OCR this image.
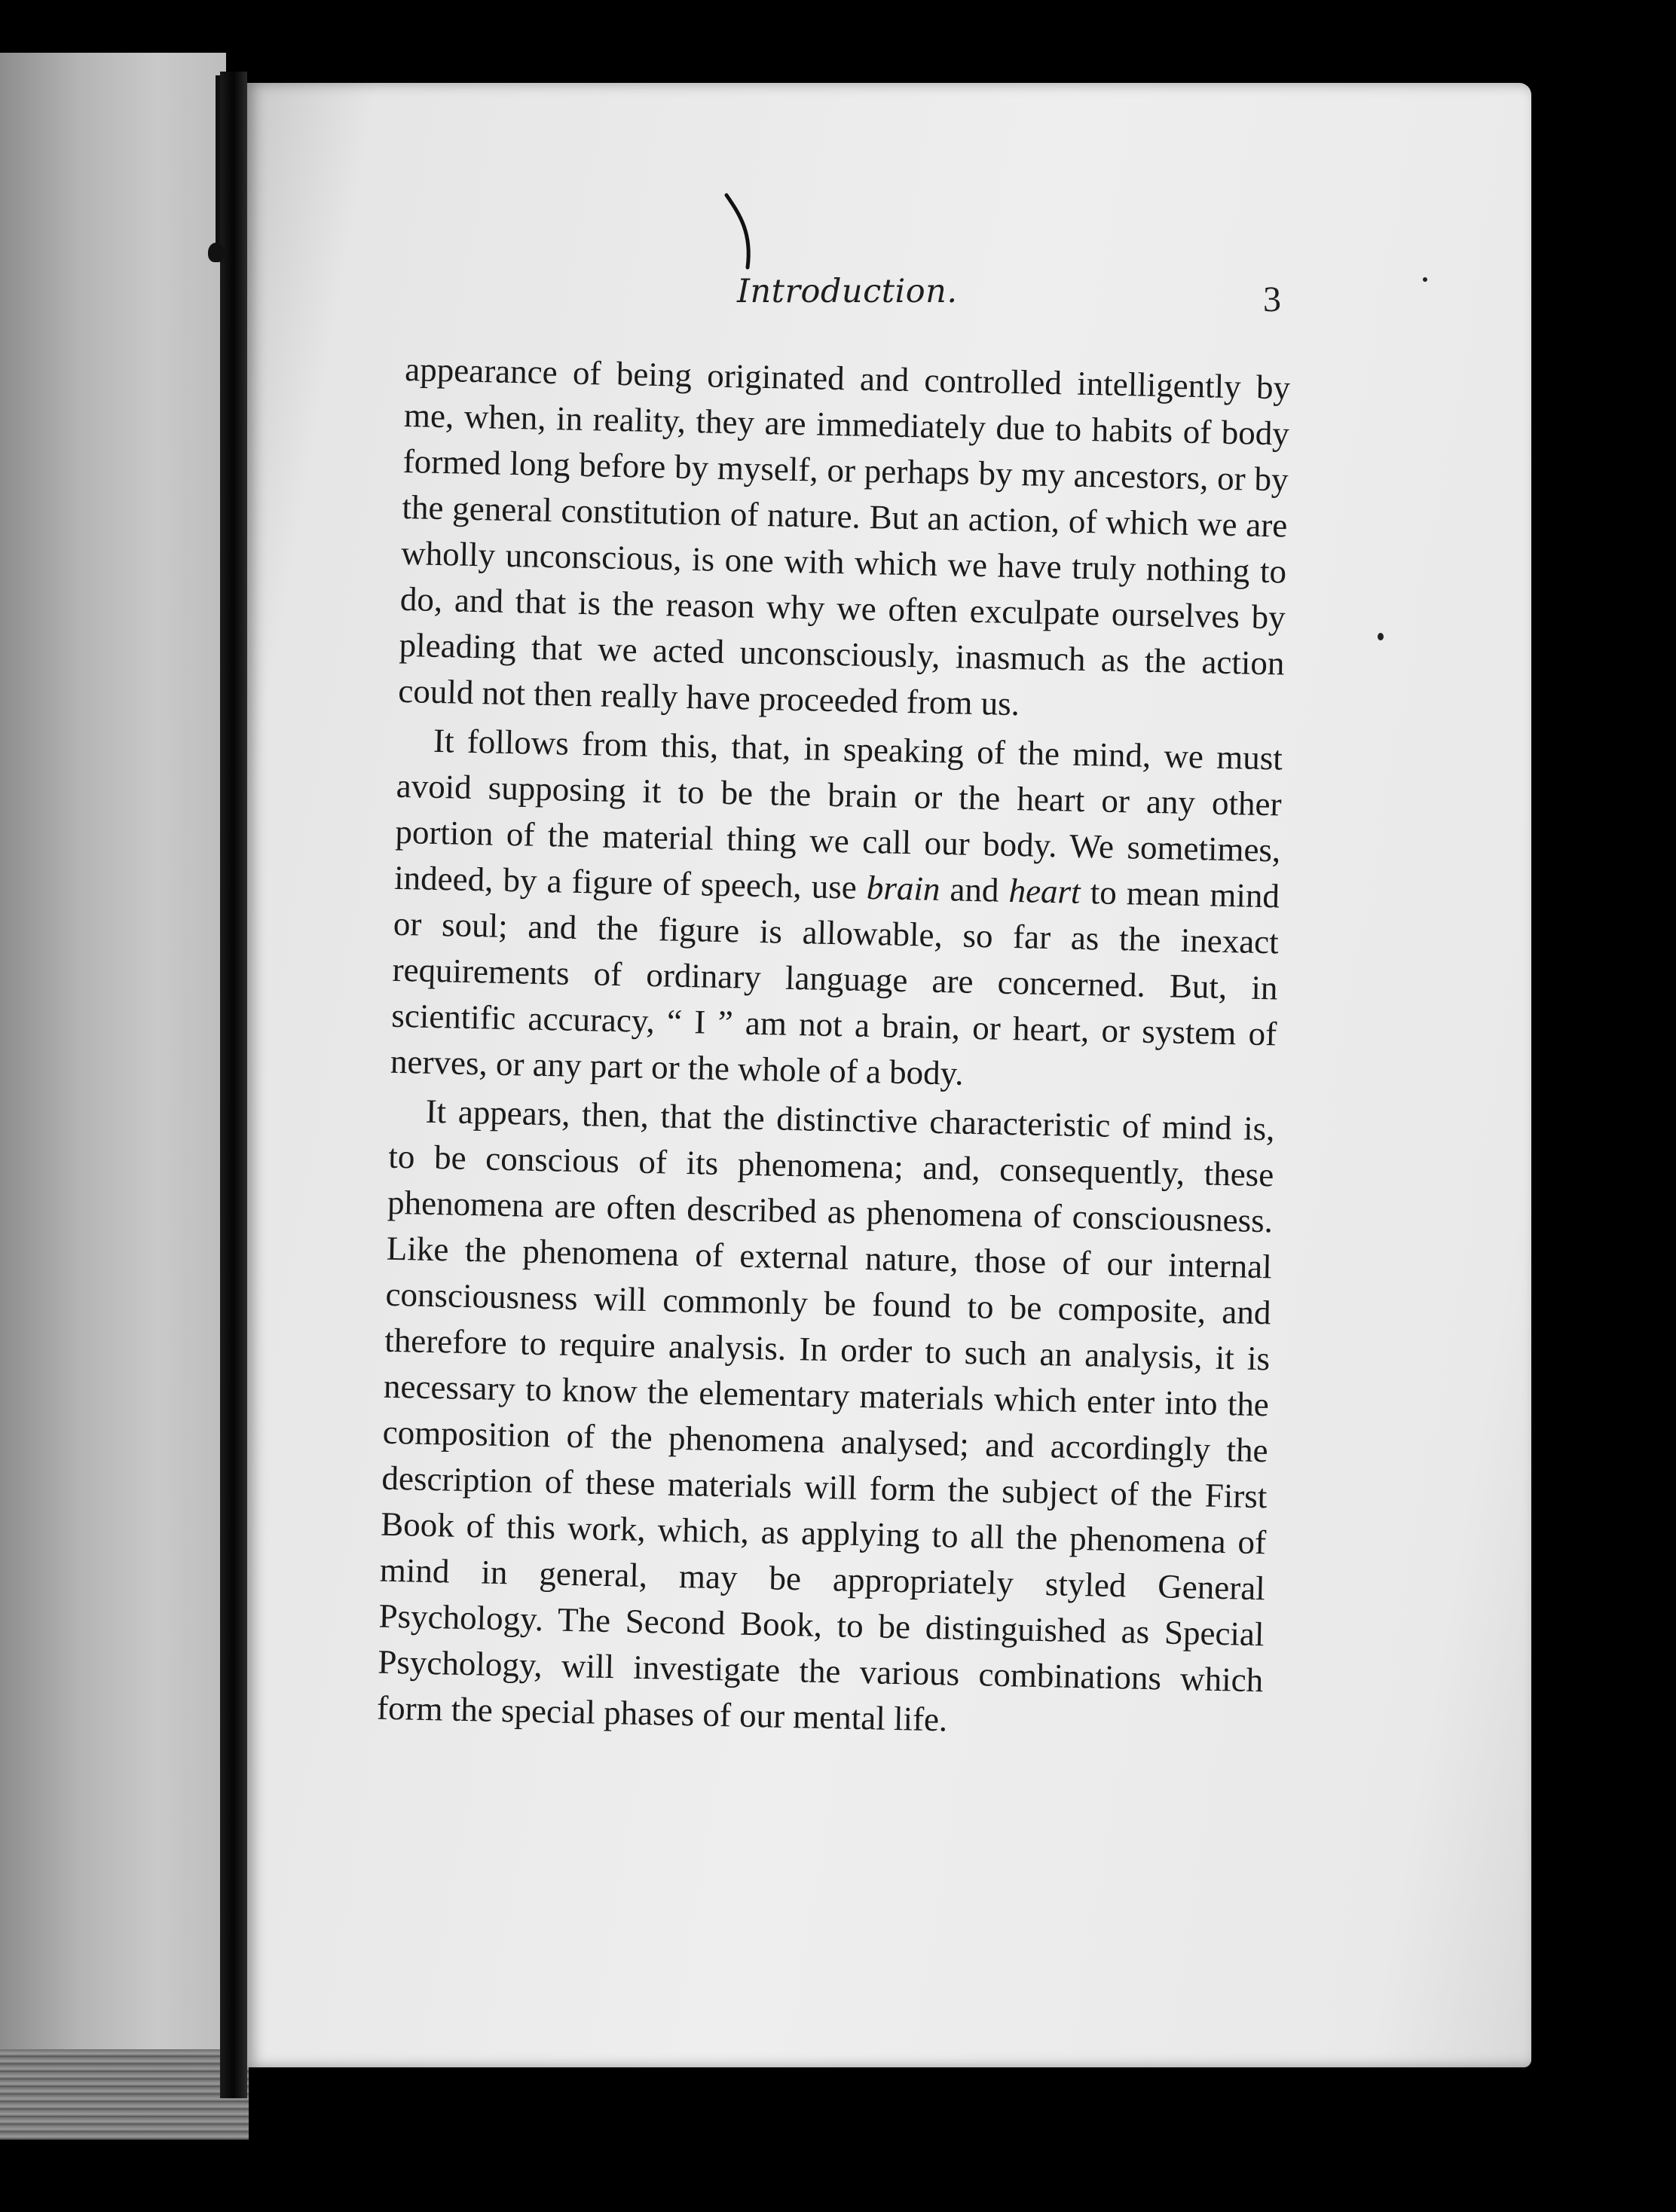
Introduction.	3

appearance of being originated and controlled intelligently by me, when, in reality, they are immediately due to habits of body formed long before by myself, or perhaps by my ancestors, or by the general constitution of nature. But an action, of which we are wholly unconscious, is one with which we have truly nothing to do, and that is the reason why we often exculpate ourselves by pleading that we acted unconsciously, inasmuch as the action could not then really have proceeded from us.

It follows from this, that, in speaking of the mind, we must avoid supposing it to be the brain or the heart or any other portion of the material thing we call our body. We sometimes, indeed, by a figure of speech, use brain and heart to mean mind or soul; and the figure is allowable, so far as the inexact requirements of ordinary language are concerned. But, in scientific accuracy, “ I ” am not a brain, or heart, or system of nerves, or any part or the whole of a body.

It appears, then, that the distinctive characteristic of mind is, to be conscious of its phenomena; and, consequently, these phenomena are often described as phenomena of consciousness. Like the phenomena of external nature, those of our internal consciousness will commonly be found to be composite, and therefore to require analysis. In order to such an analysis, it is necessary to know the elementary materials which enter into the composition of the phenomena analysed; and accordingly the description of these materials will form the subject of the First Book of this work, which, as applying to all the phenomena of mind in general, may be appropriately styled General Psychology. The Second Book, to be distinguished as Special Psychology, will investigate the various combinations which form the special phases of our mental life.
